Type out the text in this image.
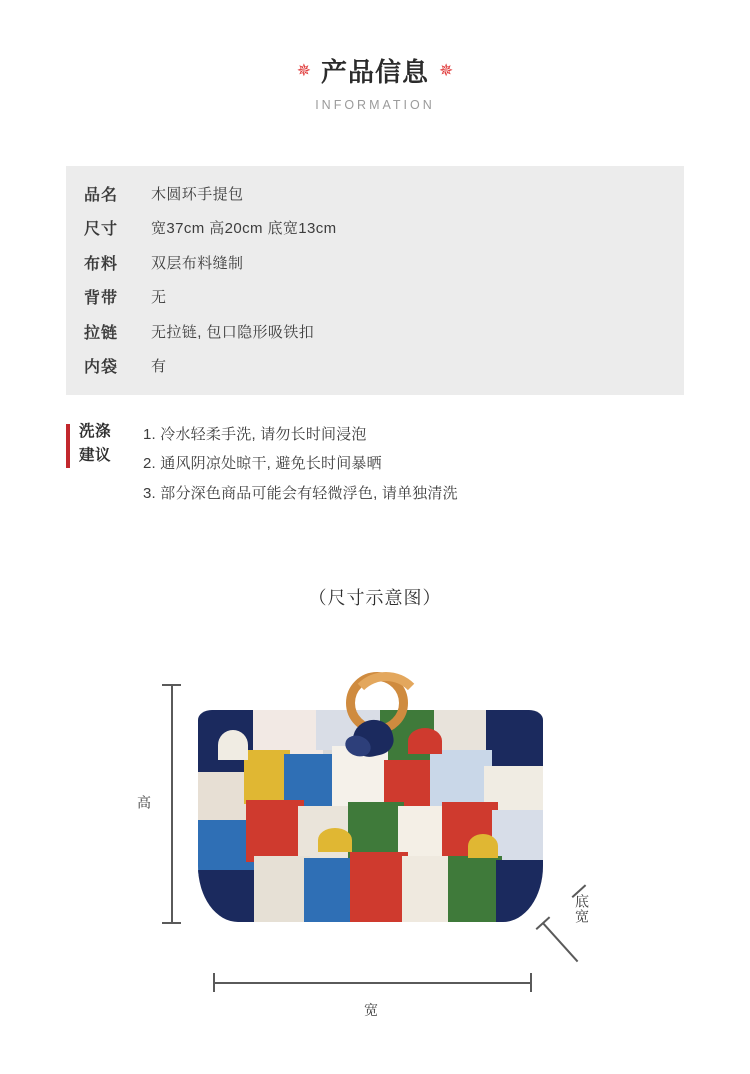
✵ 产品信息 ✵
INFORMATION
品名	木圆环手提包
尺寸	宽37cm 高20cm 底宽13cm
布料	双层布料缝制
背带	无
拉链	无拉链, 包口隐形吸铁扣
内袋	有
洗涤
建议
1. 冷水轻柔手洗, 请勿长时间浸泡
2. 通风阴凉处晾干, 避免长时间暴晒
3. 部分深色商品可能会有轻微浮色, 请单独清洗
（尺寸示意图）
高
宽
底宽
